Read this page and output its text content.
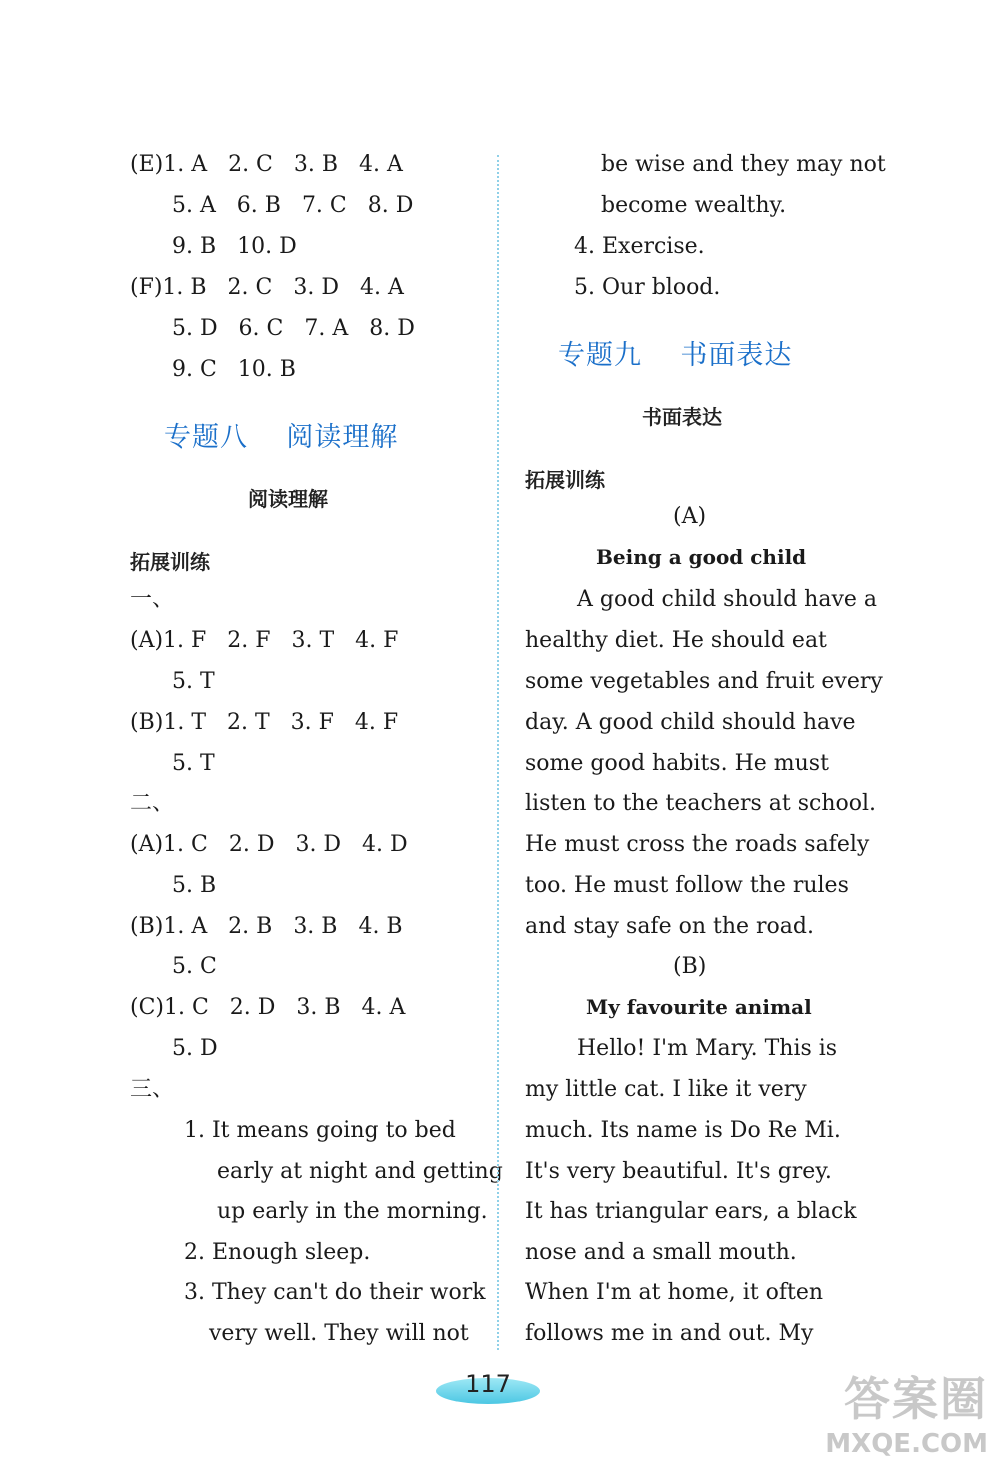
(E)1. A   2. C   3. B   4. A
5. A   6. B   7. C   8. D
9. B   10. D
(F)1. B   2. C   3. D   4. A
5. D   6. C   7. A   8. D
9. C   10. B
专题八    阅读理解
阅读理解
拓展训练
一、
(A)1. F   2. F   3. T   4. F
5. T
(B)1. T   2. T   3. F   4. F
5. T
二、
(A)1. C   2. D   3. D   4. D
5. B
(B)1. A   2. B   3. B   4. B
5. C
(C)1. C   2. D   3. B   4. A
5. D
三、
1. It means going to bed
early at night and getting
up early in the morning.
2. Enough sleep.
3. They can't do their work
very well. They will not
be wise and they may not
become wealthy.
4. Exercise.
5. Our blood.
专题九    书面表达
书面表达
拓展训练
(A)
Being a good child
A good child should have a
healthy diet. He should eat
some vegetables and fruit every
day. A good child should have
some good habits. He must
listen to the teachers at school.
He must cross the roads safely
too. He must follow the rules
and stay safe on the road.
(B)
My favourite animal
Hello! I'm Mary. This is
my little cat. I like it very
much. Its name is Do Re Mi.
It's very beautiful. It's grey.
It has triangular ears, a black
nose and a small mouth.
When I'm at home, it often
follows me in and out. My
117	答案圈
MXQE.COM
